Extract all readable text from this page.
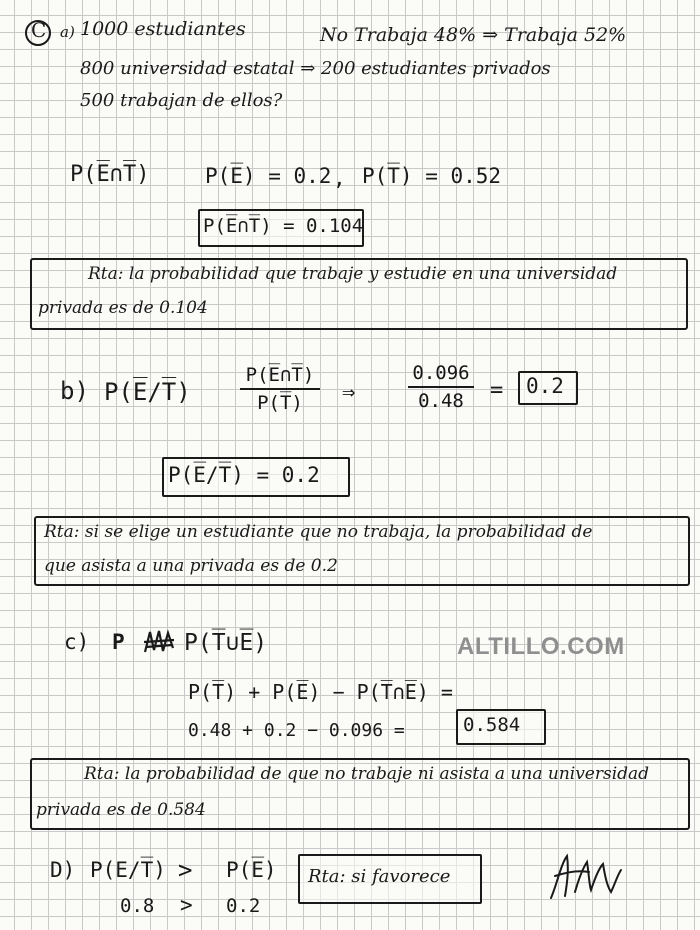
C a) 1000 estudiantes	No Trabaja 48% ⇒ Trabaja 52%
800 universidad estatal ⇒ 200 estudiantes privados
500 trabajan de ellos?
P(E̅∩T̅)	P(E̅) = 0.2 , P(T̅) = 0.52
P(E̅∩T̅) = 0.104
Rta: la probabilidad que trabaje y estudie en una universidad
privada es de 0.104
b) P(E̅/T̅)
P(E̅∩T̅)
P(T̅)	⇒
0.096
0.48	= 0.2
P(E̅/T̅) = 0.2
Rta: si se elige un estudiante que no trabaja, la probabilidad de
que asista a una privada es de 0.2
c) P	P(T̅∪E̅)	ALTILLO.COM
P(T̅) + P(E̅) − P(T̅∩E̅) =
0.48 + 0.2 − 0.096 =	0.584
Rta: la probabilidad de que no trabaje ni asista a una universidad
privada es de 0.584
D) P(E/T̅) > P(E̅)
0.8 > 0.2
Rta: si favorece
